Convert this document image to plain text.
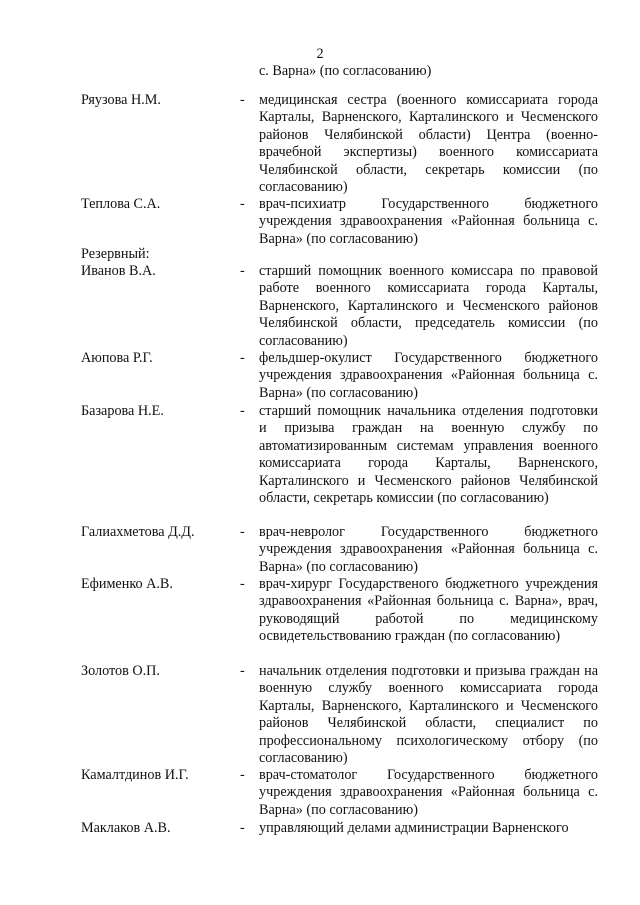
2
с. Варна» (по согласованию)
Ряузова Н.М.	- медицинская сестра (военного комиссариата города Карталы, Варненского, Карталинского и Чесменского районов Челябинской области) Центра (военно-врачебной экспертизы) военного комиссариата Челябинской области, секретарь комиссии (по согласованию)
Теплова С.А.	- врач-психиатр Государственного бюджетного учреждения здравоохранения «Районная больница с. Варна» (по согласованию)
Резервный:
Иванов В.А.	- старший помощник военного комиссара по правовой работе военного комиссариата города Карталы, Варненского, Карталинского и Чесменского районов Челябинской области, председатель комиссии (по согласованию)
Аюпова Р.Г.	- фельдшер-окулист Государственного бюджетного учреждения здравоохранения «Районная больница с. Варна» (по согласованию)
Базарова Н.Е.	- старший помощник начальника отделения подготовки и призыва граждан на военную службу по автоматизированным системам управления военного комиссариата города Карталы, Варненского, Карталинского и Чесменского районов Челябинской области, секретарь комиссии (по согласованию)
Галиахметова Д.Д.	- врач-невролог Государственного бюджетного учреждения здравоохранения «Районная больница с. Варна» (по согласованию)
Ефименко А.В.	- врач-хирург Государственого бюджетного учреждения здравоохранения «Районная больница с. Варна», врач, руководящий работой по медицинскому освидетельствованию граждан (по согласованию)
Золотов О.П.	- начальник отделения подготовки и призыва граждан на военную службу военного комиссариата города Карталы, Варненского, Карталинского и Чесменского районов Челябинской области, специалист по профессиональному психологическому отбору (по согласованию)
Камалтдинов И.Г.	- врач-стоматолог Государственного бюджетного учреждения здравоохранения «Районная больница с. Варна» (по согласованию)
Маклаков А.В.	- управляющий делами администрации Варненского
